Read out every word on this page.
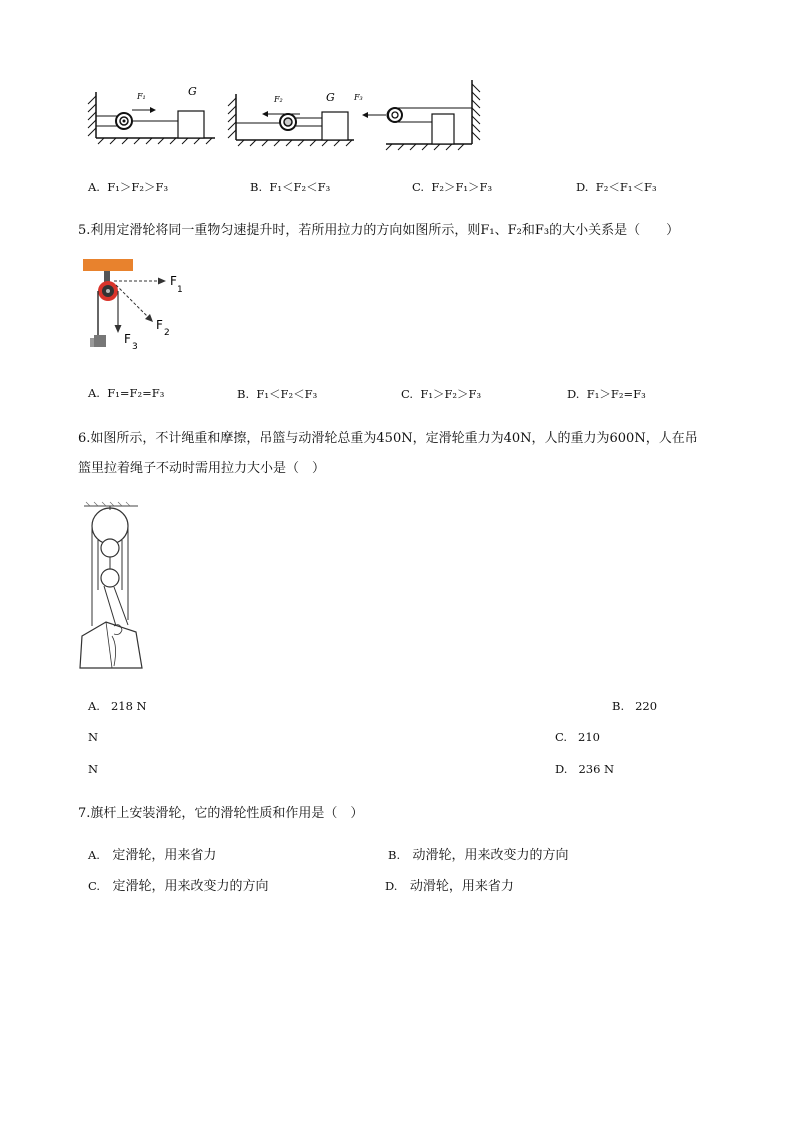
F₁	G
F₂	G F₃
A. F₁＞F₂＞F₃	B. F₁＜F₂＜F₃	C. F₂＞F₁＞F₃	D. F₂＜F₁＜F₃
5.利用定滑轮将同一重物匀速提升时，若所用拉力的方向如图所示，则F₁、F₂和F₃的大小关系是（　　）
F
1
F
2
F
3
A. F₁=F₂=F₃	B. F₁＜F₂＜F₃	C. F₁＞F₂＞F₃	D. F₁＞F₂=F₃
6.如图所示，不计绳重和摩擦，吊篮与动滑轮总重为450N，定滑轮重力为40N，人的重力为600N，人在吊
篮里拉着绳子不动时需用拉力大小是（　）
A. 218 N	B. 220
N	C. 210
N	D. 236 N
7.旗杆上安装滑轮，它的滑轮性质和作用是（　）
A. 定滑轮，用来省力	B. 动滑轮，用来改变力的方向
C. 定滑轮，用来改变力的方向	D. 动滑轮，用来省力
